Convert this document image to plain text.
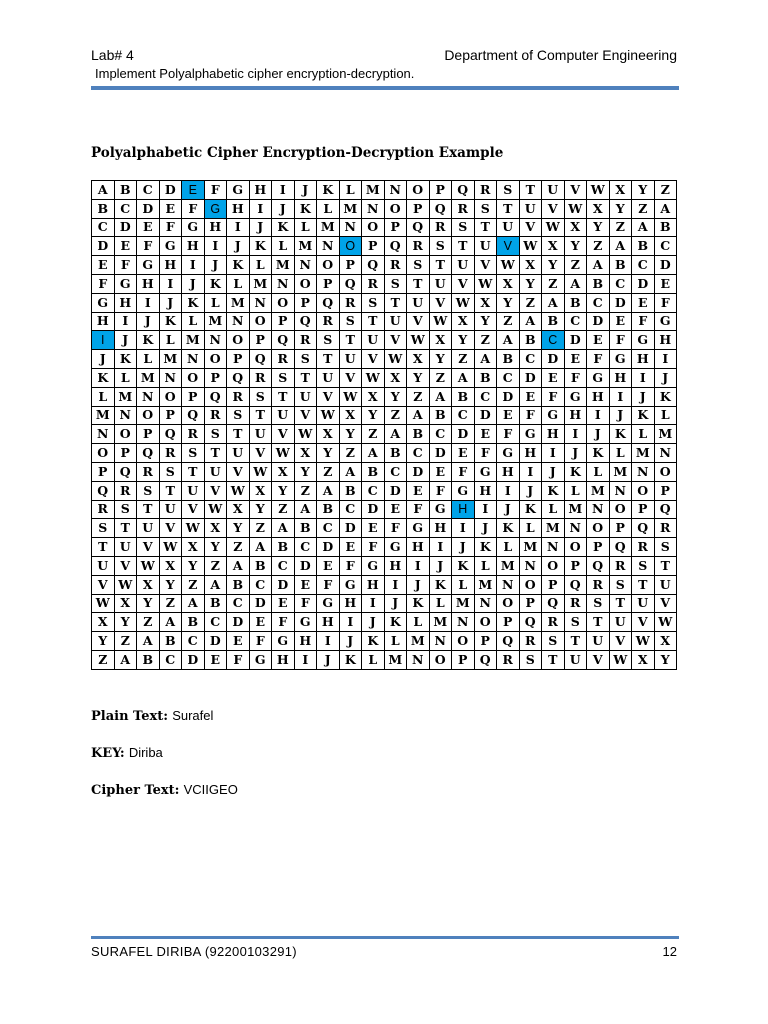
Lab# 4	Department of Computer Engineering
Implement Polyalphabetic cipher encryption-decryption.
Polyalphabetic Cipher Encryption-Decryption Example
A	B	C	D	E	F	G	H	I	J	K	L	M	N	O	P	Q	R	S	T	U	V	W	X	Y	Z
B	C	D	E	F	G	H	I	J	K	L	M	N	O	P	Q	R	S	T	U	V	W	X	Y	Z	A
C	D	E	F	G	H	I	J	K	L	M	N	O	P	Q	R	S	T	U	V	W	X	Y	Z	A	B
D	E	F	G	H	I	J	K	L	M	N	O	P	Q	R	S	T	U	V	W	X	Y	Z	A	B	C
E	F	G	H	I	J	K	L	M	N	O	P	Q	R	S	T	U	V	W	X	Y	Z	A	B	C	D
F	G	H	I	J	K	L	M	N	O	P	Q	R	S	T	U	V	W	X	Y	Z	A	B	C	D	E
G	H	I	J	K	L	M	N	O	P	Q	R	S	T	U	V	W	X	Y	Z	A	B	C	D	E	F
H	I	J	K	L	M	N	O	P	Q	R	S	T	U	V	W	X	Y	Z	A	B	C	D	E	F	G
I	J	K	L	M	N	O	P	Q	R	S	T	U	V	W	X	Y	Z	A	B	C	D	E	F	G	H
J	K	L	M	N	O	P	Q	R	S	T	U	V	W	X	Y	Z	A	B	C	D	E	F	G	H	I
K	L	M	N	O	P	Q	R	S	T	U	V	W	X	Y	Z	A	B	C	D	E	F	G	H	I	J
L	M	N	O	P	Q	R	S	T	U	V	W	X	Y	Z	A	B	C	D	E	F	G	H	I	J	K
M	N	O	P	Q	R	S	T	U	V	W	X	Y	Z	A	B	C	D	E	F	G	H	I	J	K	L
N	O	P	Q	R	S	T	U	V	W	X	Y	Z	A	B	C	D	E	F	G	H	I	J	K	L	M
O	P	Q	R	S	T	U	V	W	X	Y	Z	A	B	C	D	E	F	G	H	I	J	K	L	M	N
P	Q	R	S	T	U	V	W	X	Y	Z	A	B	C	D	E	F	G	H	I	J	K	L	M	N	O
Q	R	S	T	U	V	W	X	Y	Z	A	B	C	D	E	F	G	H	I	J	K	L	M	N	O	P
R	S	T	U	V	W	X	Y	Z	A	B	C	D	E	F	G	H	I	J	K	L	M	N	O	P	Q
S	T	U	V	W	X	Y	Z	A	B	C	D	E	F	G	H	I	J	K	L	M	N	O	P	Q	R
T	U	V	W	X	Y	Z	A	B	C	D	E	F	G	H	I	J	K	L	M	N	O	P	Q	R	S
U	V	W	X	Y	Z	A	B	C	D	E	F	G	H	I	J	K	L	M	N	O	P	Q	R	S	T
V	W	X	Y	Z	A	B	C	D	E	F	G	H	I	J	K	L	M	N	O	P	Q	R	S	T	U
W	X	Y	Z	A	B	C	D	E	F	G	H	I	J	K	L	M	N	O	P	Q	R	S	T	U	V
X	Y	Z	A	B	C	D	E	F	G	H	I	J	K	L	M	N	O	P	Q	R	S	T	U	V	W
Y	Z	A	B	C	D	E	F	G	H	I	J	K	L	M	N	O	P	Q	R	S	T	U	V	W	X
Z	A	B	C	D	E	F	G	H	I	J	K	L	M	N	O	P	Q	R	S	T	U	V	W	X	Y
Plain Text: Surafel
KEY: Diriba
Cipher Text: VCIIGEO
SURAFEL DIRIBA (92200103291)	12
